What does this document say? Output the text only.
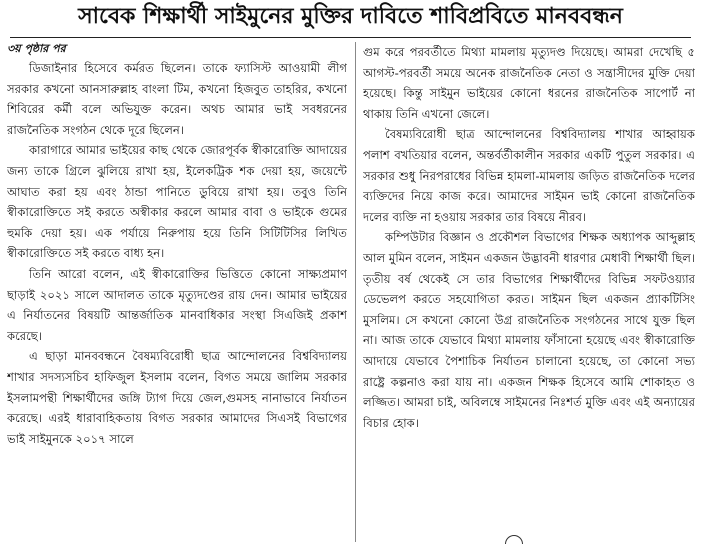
সাবেক শিক্ষার্থী সাইমুনের মুক্তির দাবিতে শাবিপ্রবিতে মানববন্ধন
৩য় পৃষ্ঠার পর

ডিজাইনার হিসেবে কর্মরত ছিলেন। তাকে ফ্যাসিস্ট আওয়ামী লীগ সরকার কখনো আনসারুল্লাহ বাংলা টিম, কখনো হিজবুত তাহরির, কখনো শিবিরের কর্মী বলে অভিযুক্ত করেন। অথচ আমার ভাই সবধরনের রাজনৈতিক সংগঠন থেকে দূরে ছিলেন।

কারাগারে আমার ভাইয়ের কাছ থেকে জোরপূর্বক স্বীকারোক্তি আদায়ের জন্য তাকে গ্রিলে ঝুলিয়ে রাখা হয়, ইলেকট্রিক শক দেয়া হয়, জয়েন্টে আঘাত করা হয় এবং ঠান্ডা পানিতে ডুবিয়ে রাখা হয়। তবুও তিনি স্বীকারোক্তিতে সই করতে অস্বীকার করলে আমার বাবা ও ভাইকে গুমের হুমকি দেয়া হয়। এক পর্যায়ে নিরুপায় হয়ে তিনি সিটিটিসির লিখিত স্বীকারোক্তিতে সই করতে বাধ্য হন।

তিনি আরো বলেন, এই স্বীকারোক্তির ভিত্তিতে কোনো সাক্ষ্যপ্রমাণ ছাড়াই ২০২১ সালে আদালত তাকে মৃত্যুদণ্ডের রায় দেন। আমার ভাইয়ের এ নির্যাতনের বিষয়টি আন্তর্জাতিক মানবাধিকার সংস্থা সিএজিই প্রকাশ করেছে।

এ ছাড়া মানববন্ধনে বৈষম্যবিরোধী ছাত্র আন্দোলনের বিশ্ববিদ্যালয় শাখার সদস্যসচিব হাফিজুল ইসলাম বলেন, বিগত সময়ে জালিম সরকার ইসলামপন্থী শিক্ষার্থীদের জঙ্গি ট্যাগ দিয়ে জেল,গুমসহ নানাভাবে নির্যাতন করেছে। এরই ধারাবাহিকতায় বিগত সরকার আমাদের সিএসই বিভাগের ভাই সাইমুনকে ২০১৭ সালে

গুম করে পরবর্তীতে মিথ্যা মামলায় মৃত্যুদণ্ড দিয়েছে। আমরা দেখেছি ৫ আগস্ট-পরবর্তী সময়ে অনেক রাজনৈতিক নেতা ও সন্ত্রাসীদের মুক্তি দেয়া হয়েছে। কিন্তু সাইমুন ভাইয়ের কোনো ধরনের রাজনৈতিক সাপোর্ট না থাকায় তিনি এখনো জেলে।

বৈষম্যবিরোধী ছাত্র আন্দোলনের বিশ্ববিদ্যালয় শাখার আহ্বায়ক পলাশ বখতিয়ার বলেন, অন্তর্বর্তীকালীন সরকার একটি পুতুল সরকার। এ সরকার শুধু নিরপরাধের বিভিন্ন হামলা-মামলায় জড়িত রাজনৈতিক দলের ব্যক্তিদের নিয়ে কাজ করে। আমাদের সাইমন ভাই কোনো রাজনৈতিক দলের ব্যক্তি না হওয়ায় সরকার তার বিষয়ে নীরব।

কম্পিউটার বিজ্ঞান ও প্রকৌশল বিভাগের শিক্ষক অধ্যাপক আব্দুল্লাহ আল মুমিন বলেন, সাইমন একজন উদ্ভাবনী ধারণার মেধাবী শিক্ষার্থী ছিল। তৃতীয় বর্ষ থেকেই সে তার বিভাগের শিক্ষার্থীদের বিভিন্ন সফটওয়্যার ডেভেলপ করতে সহযোগিতা করত। সাইমন ছিল একজন প্র্যাকটিসিং মুসলিম। সে কখনো কোনো উগ্র রাজনৈতিক সংগঠনের সাথে যুক্ত ছিল না। আজ তাকে যেভাবে মিথ্যা মামলায় ফাঁসানো হয়েছে এবং স্বীকারোক্তি আদায়ে যেভাবে পৈশাচিক নির্যাতন চালানো হয়েছে, তা কোনো সভ্য রাষ্ট্রে কল্পনাও করা যায় না। একজন শিক্ষক হিসেবে আমি শোকাহত ও লজ্জিত। আমরা চাই, অবিলম্বে সাইমনের নিঃশর্ত মুক্তি এবং এই অন্যায়ের বিচার হোক।
